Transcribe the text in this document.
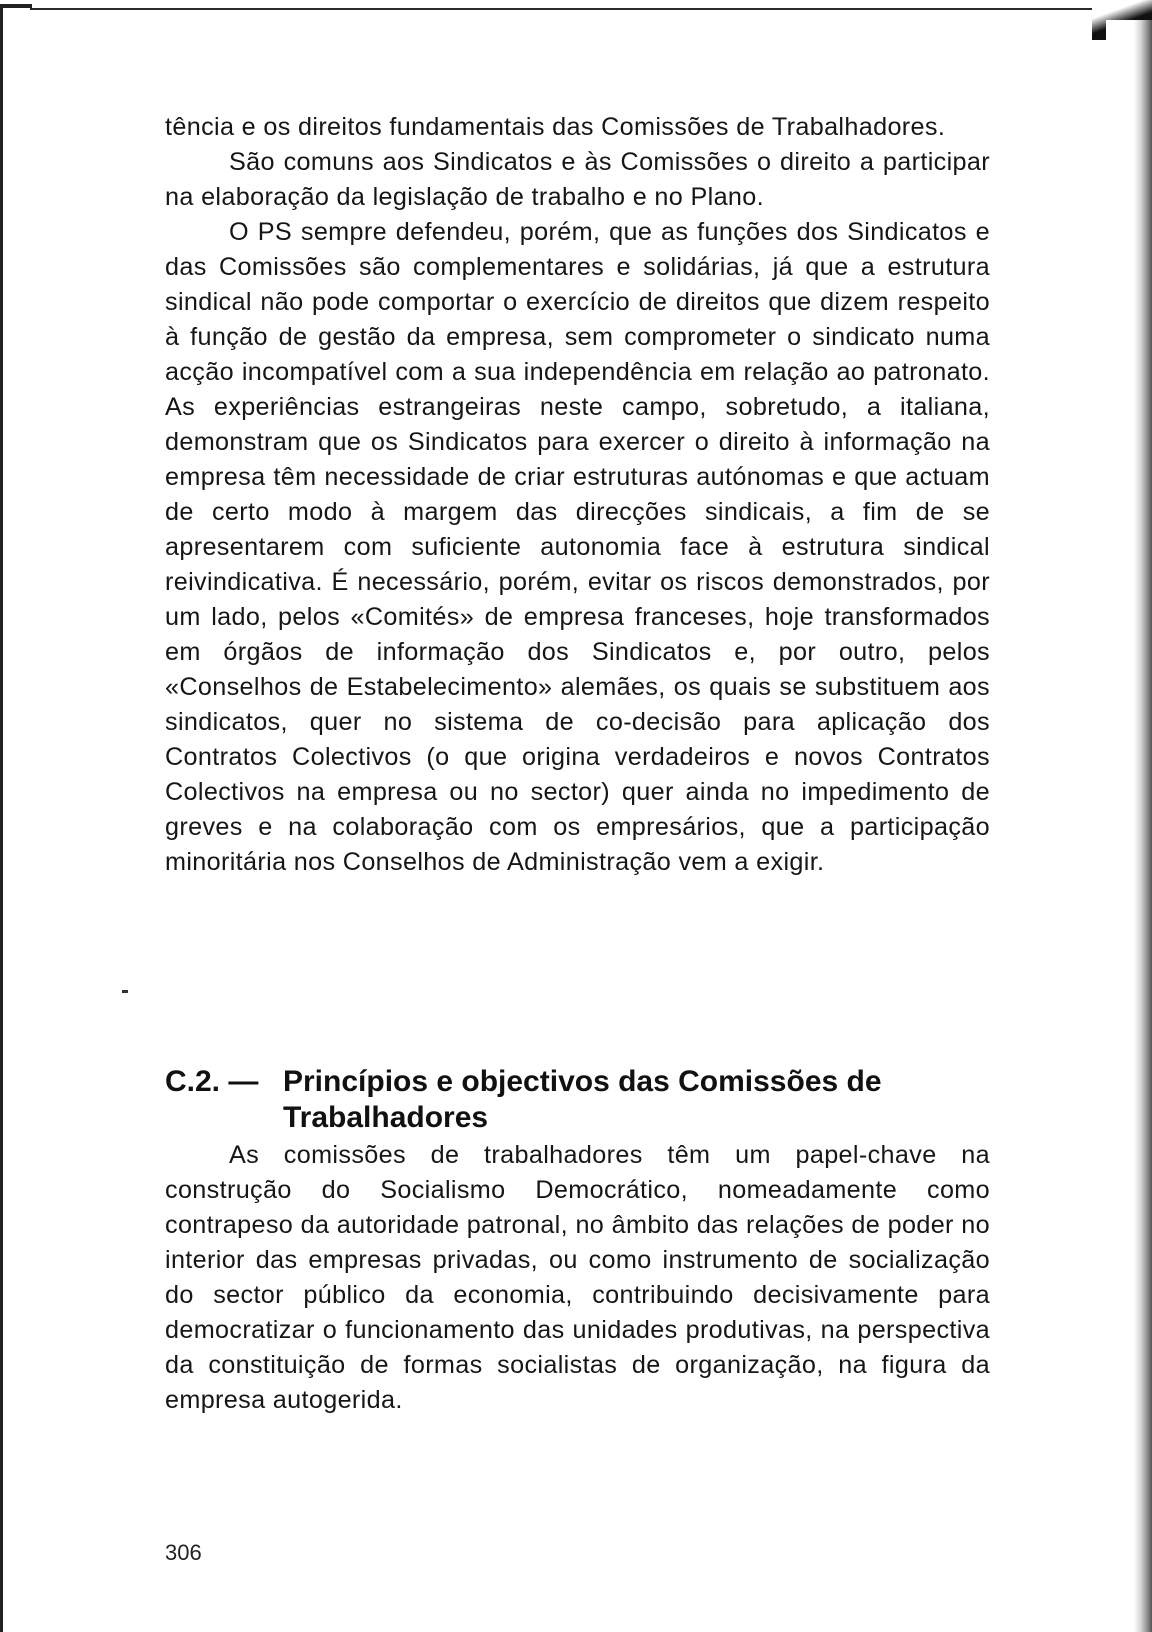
tência e os direitos fundamentais das Comissões de Trabalhadores.

São comuns aos Sindicatos e às Comissões o direito a participar na elaboração da legislação de trabalho e no Plano.

O PS sempre defendeu, porém, que as funções dos Sindicatos e das Comissões são complementares e solidárias, já que a estrutura sindical não pode comportar o exercício de direitos que dizem respeito à função de gestão da empresa, sem comprometer o sindicato numa acção incompatível com a sua independência em relação ao patronato. As experiências estrangeiras neste campo, sobretudo, a italiana, demonstram que os Sindicatos para exercer o direito à informação na empresa têm necessidade de criar estruturas autónomas e que actuam de certo modo à margem das direcções sindicais, a fim de se apresentarem com suficiente autonomia face à estrutura sindical reivindicativa. É necessário, porém, evitar os riscos demonstrados, por um lado, pelos «Comités» de empresa franceses, hoje transformados em órgãos de informação dos Sindicatos e, por outro, pelos «Conselhos de Estabelecimento» alemães, os quais se substituem aos sindicatos, quer no sistema de co-decisão para aplicação dos Contratos Colectivos (o que origina verdadeiros e novos Contratos Colectivos na empresa ou no sector) quer ainda no impedimento de greves e na colaboração com os empresários, que a participação minoritária nos Conselhos de Administração vem a exigir.

C.2. — Princípios e objectivos das Comissões de Trabalhadores

As comissões de trabalhadores têm um papel-chave na construção do Socialismo Democrático, nomeadamente como contrapeso da autoridade patronal, no âmbito das relações de poder no interior das empresas privadas, ou como instrumento de socialização do sector público da economia, contribuindo decisivamente para democratizar o funcionamento das unidades produtivas, na perspectiva da constituição de formas socialistas de organização, na figura da empresa autogerida.

306
